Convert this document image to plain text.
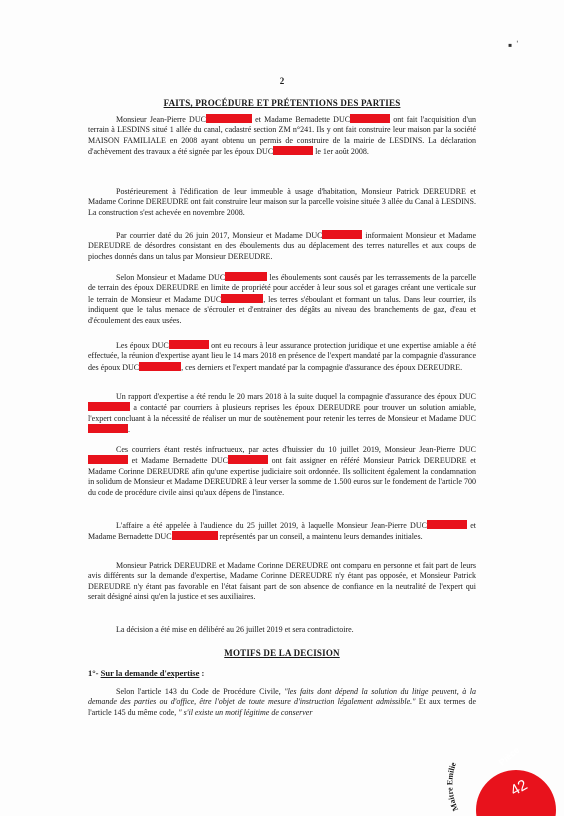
▪ ˈ
2
FAITS, PROCÉDURE ET PRÉTENTIONS DES PARTIES

Monsieur Jean-Pierre DUC	et Madame Bernadette DUC	ont fait l'acquisition d'un terrain à LESDINS situé 1 allée du canal, cadastré section ZM n°241. Ils y ont fait construire leur maison par la société MAISON FAMILIALE en 2008 ayant obtenu un permis de construire de la mairie de LESDINS. La déclaration d'achèvement des travaux a été signée par les époux DUC	le 1er août 2008.

Postérieurement à l'édification de leur immeuble à usage d'habitation, Monsieur Patrick DEREUDRE et Madame Corinne DEREUDRE ont fait construire leur maison sur la parcelle voisine située 3 allée du Canal à LESDINS. La construction s'est achevée en novembre 2008.

Par courrier daté du 26 juin 2017, Monsieur et Madame DUC	informaient Monsieur et Madame DEREUDRE de désordres consistant en des éboulements dus au déplacement des terres naturelles et aux coups de pioches donnés dans un talus par Monsieur DEREUDRE.

Selon Monsieur et Madame DUC	les éboulements sont causés par les terrassements de la parcelle de terrain des époux DEREUDRE en limite de propriété pour accéder à leur sous sol et garages créant une verticale sur le terrain de Monsieur et Madame DUC	, les terres s'éboulant et formant un talus. Dans leur courrier, ils indiquent que le talus menace de s'écrouler et d'entrainer des dégâts au niveau des branchements de gaz, d'eau et d'écoulement des eaux usées.

Les époux DUC	ont eu recours à leur assurance protection juridique et une expertise amiable a été effectuée, la réunion d'expertise ayant lieu le 14 mars 2018 en présence de l'expert mandaté par la compagnie d'assurance des époux DUC	, ces derniers et l'expert mandaté par la compagnie d'assurance des époux DEREUDRE.

Un rapport d'expertise a été rendu le 20 mars 2018 à la suite duquel la compagnie d'assurance des époux DUC a contacté par courriers à plusieurs reprises les époux DEREUDRE pour trouver un solution amiable, l'expert concluant à la nécessité de réaliser un mur de soutènement pour retenir les terres de Monsieur et Madame DUC.

Ces courriers étant restés infructueux, par actes d'huissier du 10 juillet 2019, Monsieur Jean-Pierre DUC et Madame Bernadette DUC	ont fait assigner en référé Monsieur Patrick DEREUDRE et Madame Corinne DEREUDRE afin qu'une expertise judiciaire soit ordonnée. Ils sollicitent également la condamnation in solidum de Monsieur et Madame DEREUDRE à leur verser la somme de 1.500 euros sur le fondement de l'article 700 du code de procédure civile ainsi qu'aux dépens de l'instance.

L'affaire a été appelée à l'audience du 25 juillet 2019, à laquelle Monsieur Jean-Pierre DUC	et Madame Bernadette DUC	représentés par un conseil, a maintenu leurs demandes initiales.

Monsieur Patrick DEREUDRE et Madame Corinne DEREUDRE ont comparu en personne et fait part de leurs avis différents sur la demande d'expertise, Madame Corinne DEREUDRE n'y étant pas opposée, et Monsieur Patrick DEREUDRE n'y étant pas favorable en l'état faisant part de son absence de confiance en la neutralité de l'expert qui serait désigné ainsi qu'en la justice et ses auxiliaires.

La décision a été mise en délibéré au 26 juillet 2019 et sera contradictoire.

MOTIFS DE LA DECISION
1°- Sur la demande d'expertise :

Selon l'article 143 du Code de Procédure Civile, "les faits dont dépend la solution du litige peuvent, à la demande des parties ou d'office, être l'objet de toute mesure d'instruction légalement admissible." Et aux termes de l'article 145 du même code, " s'il existe un motif légitime de conserver

Maitre Emilie	Pièce
42
